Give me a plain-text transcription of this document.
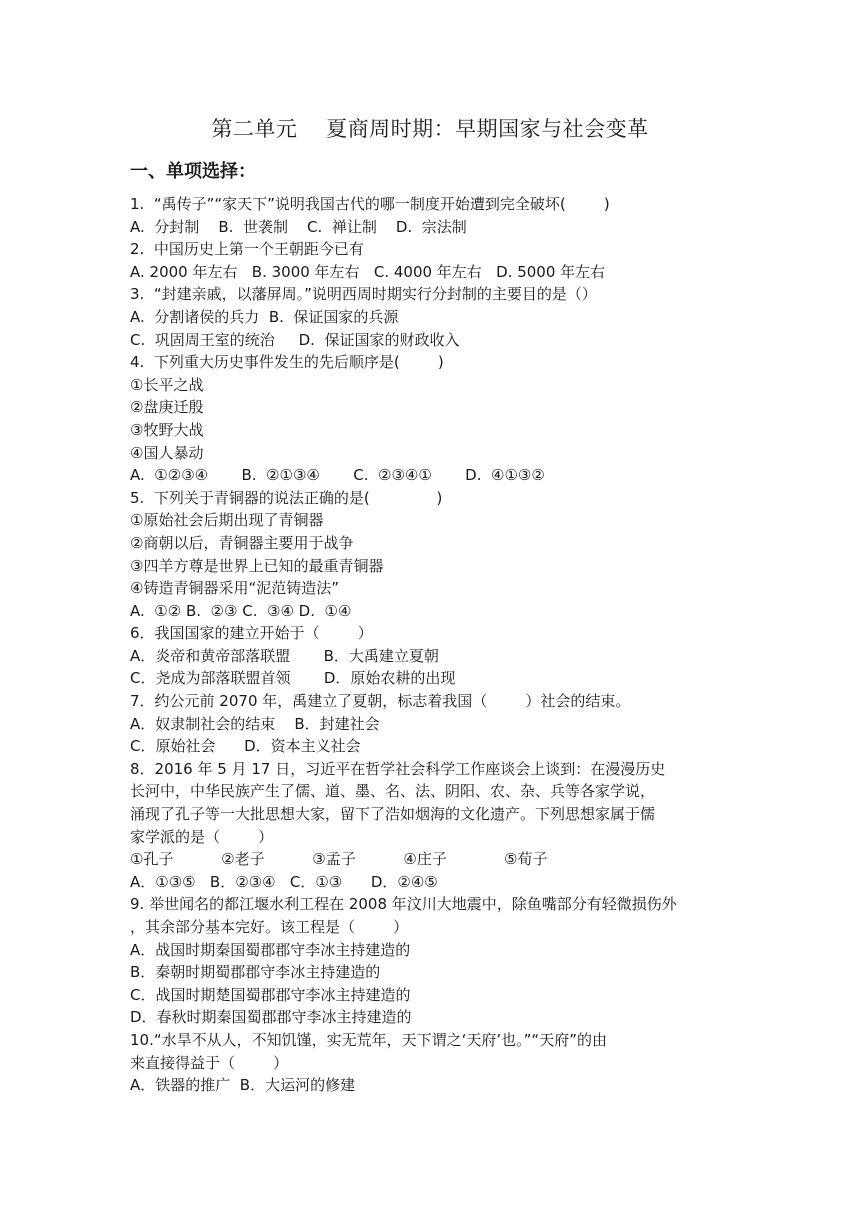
第二单元    夏商周时期：早期国家与社会变革
一、单项选择：
1.  “禹传子”“家天下”说明我国古代的哪一制度开始遭到完全破坏(        )
A.  分封制    B.  世袭制    C.  禅让制    D.  宗法制
2.  中国历史上第一个王朝距今已有
A. 2000 年左右   B. 3000 年左右   C. 4000 年左右   D. 5000 年左右
3.  “封建亲戚，以藩屏周。”说明西周时期实行分封制的主要目的是（）
A.  分割诸侯的兵力  B.  保证国家的兵源
C.  巩固周王室的统治     D.  保证国家的财政收入
4.  下列重大历史事件发生的先后顺序是(        )
①长平之战
②盘庚迁殷
③牧野大战
④国人暴动
A.  ①②③④       B.  ②①③④       C.  ②③④①       D.  ④①③②
5.  下列关于青铜器的说法正确的是(              )
①原始社会后期出现了青铜器
②商朝以后，青铜器主要用于战争
③四羊方尊是世界上已知的最重青铜器
④铸造青铜器采用“泥范铸造法”
A.  ①② B.  ②③ C.  ③④ D.  ①④
6．我国国家的建立开始于（        ）
A．炎帝和黄帝部落联盟       B．大禹建立夏朝
C．尧成为部落联盟首领       D．原始农耕的出现
7．约公元前 2070 年，禹建立了夏朝，标志着我国（        ）社会的结束。
A．奴隶制社会的结束    B．封建社会
C．原始社会      D．资本主义社会
8．2016 年 5 月 17 日，习近平在哲学社会科学工作座谈会上谈到：在漫漫历史
长河中，中华民族产生了儒、道、墨、名、法、阴阳、农、杂、兵等各家学说，
涌现了孔子等一大批思想大家，留下了浩如烟海的文化遗产。下列思想家属于儒
家学派的是（        ）
①孔子          ②老子          ③孟子          ④庄子            ⑤荀子
A．①③⑤   B．②③④   C．①③      D．②④⑤
9. 举世闻名的都江堰水利工程在 2008 年汶川大地震中，除鱼嘴部分有轻微损伤外
，其余部分基本完好。该工程是（        ）
A．战国时期秦国蜀郡郡守李冰主持建造的
B．秦朝时期蜀郡郡守李冰主持建造的
C．战国时期楚国蜀郡郡守李冰主持建造的
D．春秋时期秦国蜀郡郡守李冰主持建造的
10.“水旱不从人，不知饥馑，实无荒年，天下谓之‘天府’也。”“天府”的由
来直接得益于（        ）
A．铁器的推广  B．大运河的修建
